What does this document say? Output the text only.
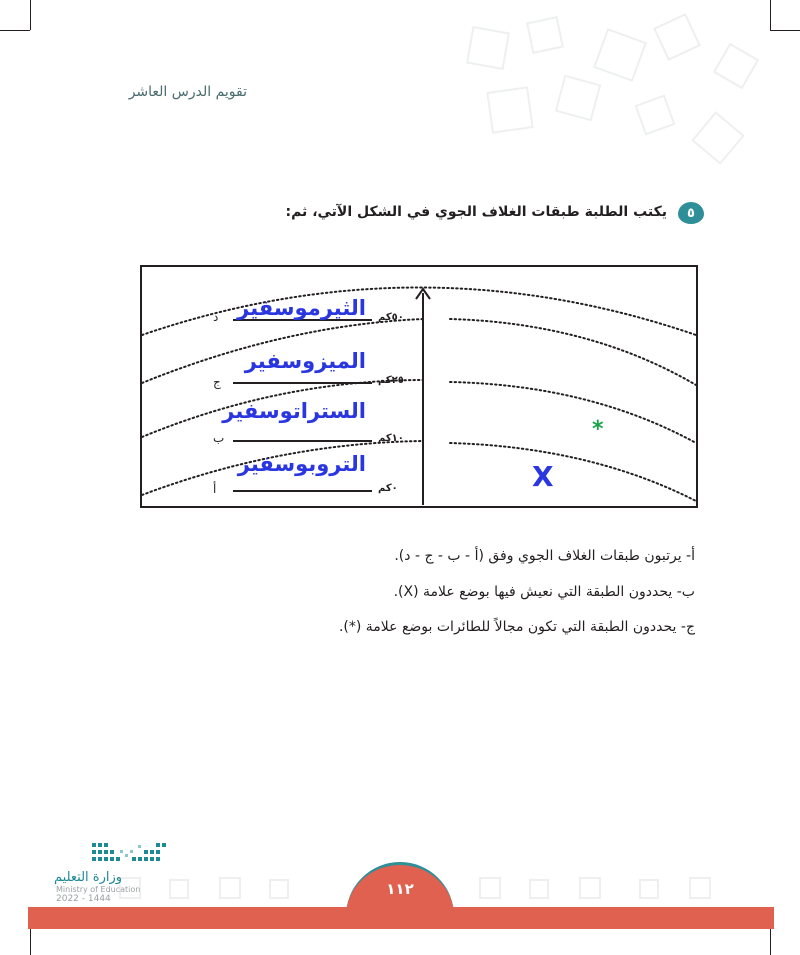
تقويم الدرس العاشر
٥
يكتب الطلبة طبقات الغلاف الجوي في الشكل الآتي، ثم:
٥٠كم
٢٥كم
١٠كم
٠كم
د
ج
ب
أ
الثيرموسفير
الميزوسفير
الستراتوسفير
التروبوسفير	X
*
أ- يرتبون طبقات الغلاف الجوي وفق (أ - ب - ج - د).
ب- يحددون الطبقة التي نعيش فيها بوضع علامة (X).
ج- يحددون الطبقة التي تكون مجالاً للطائرات بوضع علامة (*).
وزارة التعليم
Ministry of Education
2022 - 1444
١١٢
